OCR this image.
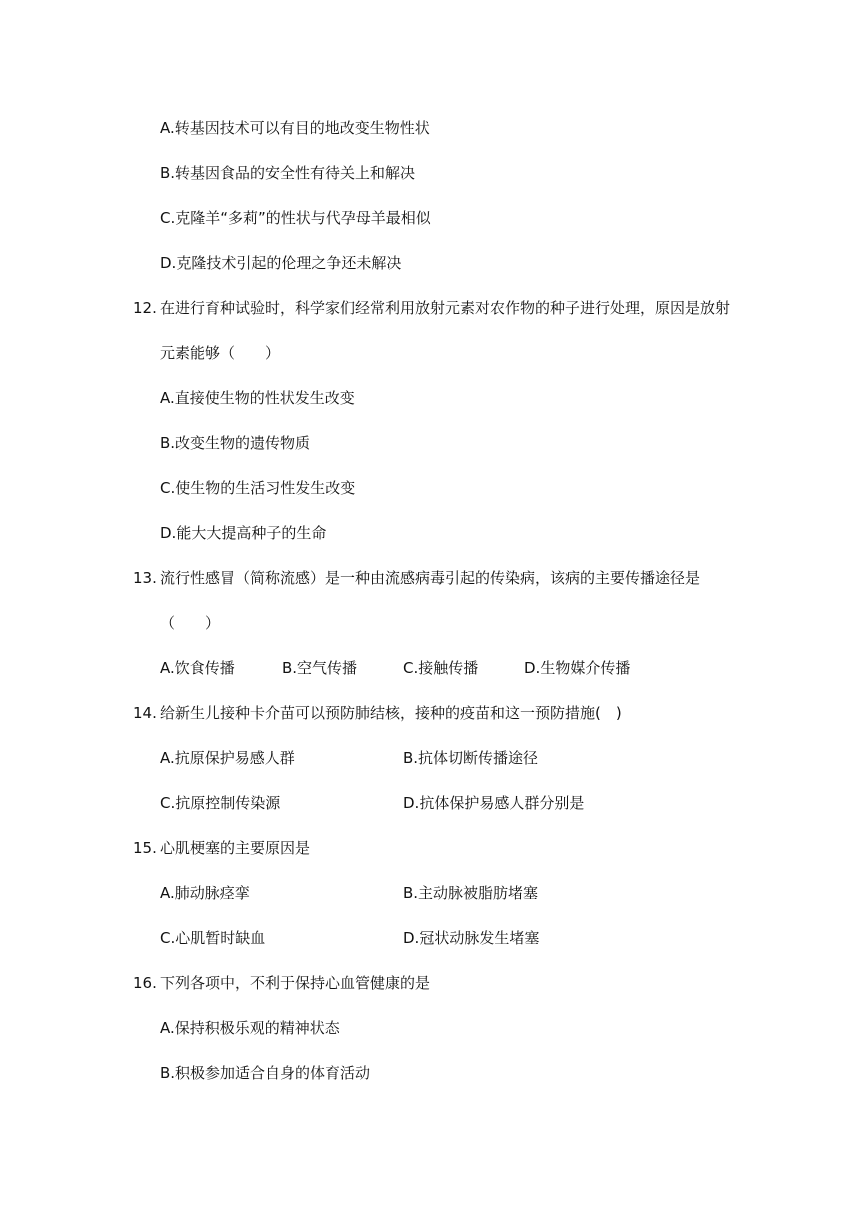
A.转基因技术可以有目的地改变生物性状
B.转基因食品的安全性有待关上和解决
C.克隆羊“多莉”的性状与代孕母羊最相似
D.克隆技术引起的伦理之争还未解决
12. 在进行育种试验时，科学家们经常利用放射元素对农作物的种子进行处理，原因是放射
元素能够（　　）
A.直接使生物的性状发生改变
B.改变生物的遗传物质
C.使生物的生活习性发生改变
D.能大大提高种子的生命
13. 流行性感冒（简称流感）是一种由流感病毒引起的传染病，该病的主要传播途径是
（　　）
A.饮食传播	B.空气传播	C.接触传播	D.生物媒介传播
14. 给新生儿接种卡介苗可以预防肺结核，接种的疫苗和这一预防措施(　)
A.抗原保护易感人群	B.抗体切断传播途径
C.抗原控制传染源	D.抗体保护易感人群分别是
15. 心肌梗塞的主要原因是
A.肺动脉痉挛	B.主动脉被脂肪堵塞
C.心肌暂时缺血	D.冠状动脉发生堵塞
16. 下列各项中，不利于保持心血管健康的是
A.保持积极乐观的精神状态
B.积极参加适合自身的体育活动
